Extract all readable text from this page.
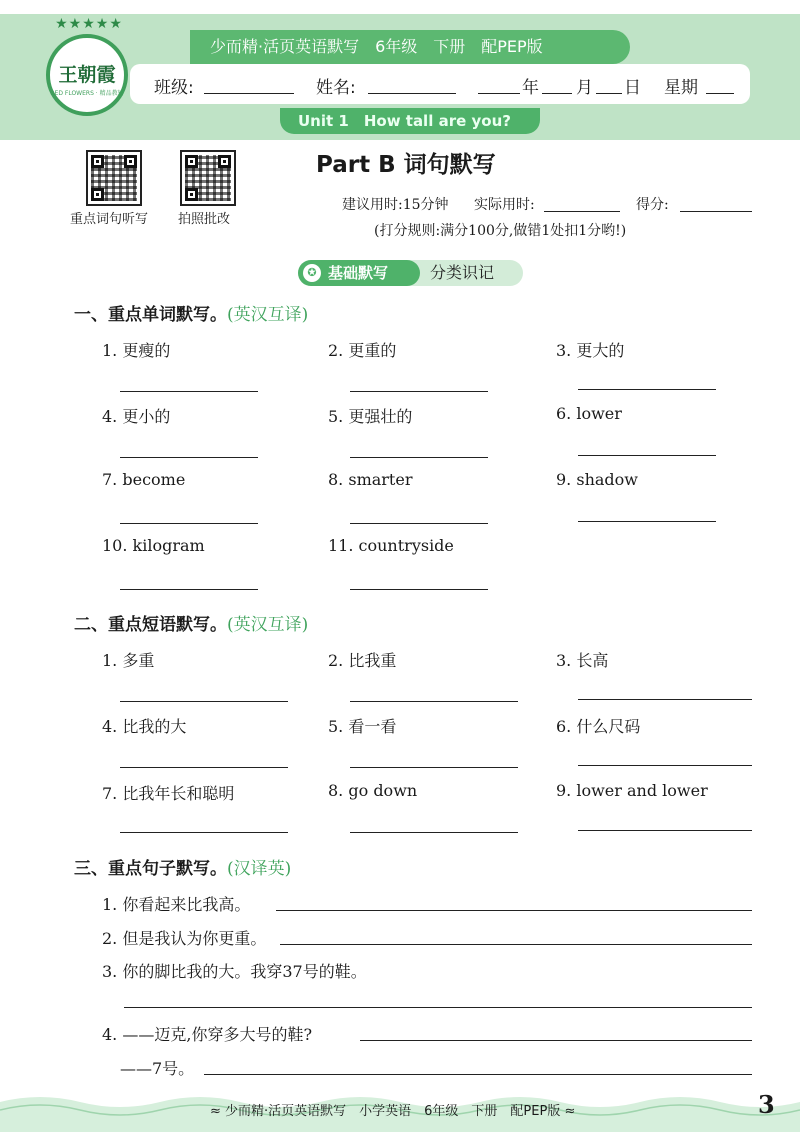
少而精·活页英语默写　6年级　下册　配PEP版
★★★★★
王朝霞
RED FLOWERS · 精品教辅 班级:	姓名:	年 月 日 星期
Unit 1　How tall are you?
重点词句听写 拍照批改
Part B 词句默写
建议用时:15分钟 实际用时:	得分:
(打分规则:满分100分,做错1处扣1分哟!)
✪ 基础默写	分类识记
一、重点单词默写。(英汉互译)
1. 更瘦的	2. 更重的	3. 更大的
4. 更小的	5. 更强壮的	6. lower
7. become	8. smarter	9. shadow
10. kilogram	11. countryside
二、重点短语默写。(英汉互译)
1. 多重	2. 比我重	3. 长高
4. 比我的大	5. 看一看	6. 什么尺码
7. 比我年长和聪明	8. go down	9. lower and lower
三、重点句子默写。(汉译英)
1. 你看起来比我高。
2. 但是我认为你更重。
3. 你的脚比我的大。我穿37号的鞋。
4. ——迈克,你穿多大号的鞋?
——7号。
≈ 少而精·活页英语默写　小学英语　6年级　下册　配PEP版 ≈	3
